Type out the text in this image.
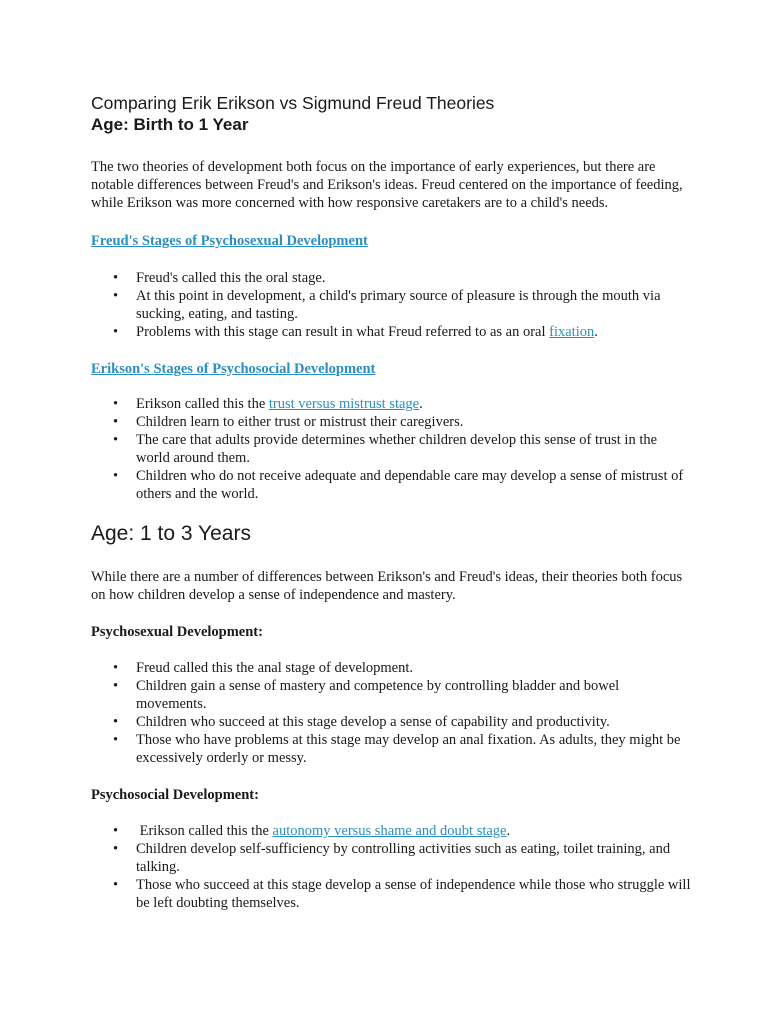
Comparing Erik Erikson vs Sigmund Freud Theories
Age: Birth to 1 Year

The two theories of development both focus on the importance of early experiences, but there are notable differences between Freud's and Erikson's ideas. Freud centered on the importance of feeding, while Erikson was more concerned with how responsive caretakers are to a child's needs.

Freud's Stages of Psychosexual Development

• Freud's called this the oral stage.
• At this point in development, a child's primary source of pleasure is through the mouth via sucking, eating, and tasting.
• Problems with this stage can result in what Freud referred to as an oral fixation.

Erikson's Stages of Psychosocial Development

• Erikson called this the trust versus mistrust stage.
• Children learn to either trust or mistrust their caregivers.
• The care that adults provide determines whether children develop this sense of trust in the world around them.
• Children who do not receive adequate and dependable care may develop a sense of mistrust of others and the world.
Age: 1 to 3 Years

While there are a number of differences between Erikson's and Freud's ideas, their theories both focus on how children develop a sense of independence and mastery.

Psychosexual Development:

• Freud called this the anal stage of development.
• Children gain a sense of mastery and competence by controlling bladder and bowel movements.
• Children who succeed at this stage develop a sense of capability and productivity.
• Those who have problems at this stage may develop an anal fixation. As adults, they might be excessively orderly or messy.

Psychosocial Development:

•  Erikson called this the autonomy versus shame and doubt stage.
• Children develop self-sufficiency by controlling activities such as eating, toilet training, and talking.
• Those who succeed at this stage develop a sense of independence while those who struggle will be left doubting themselves.
